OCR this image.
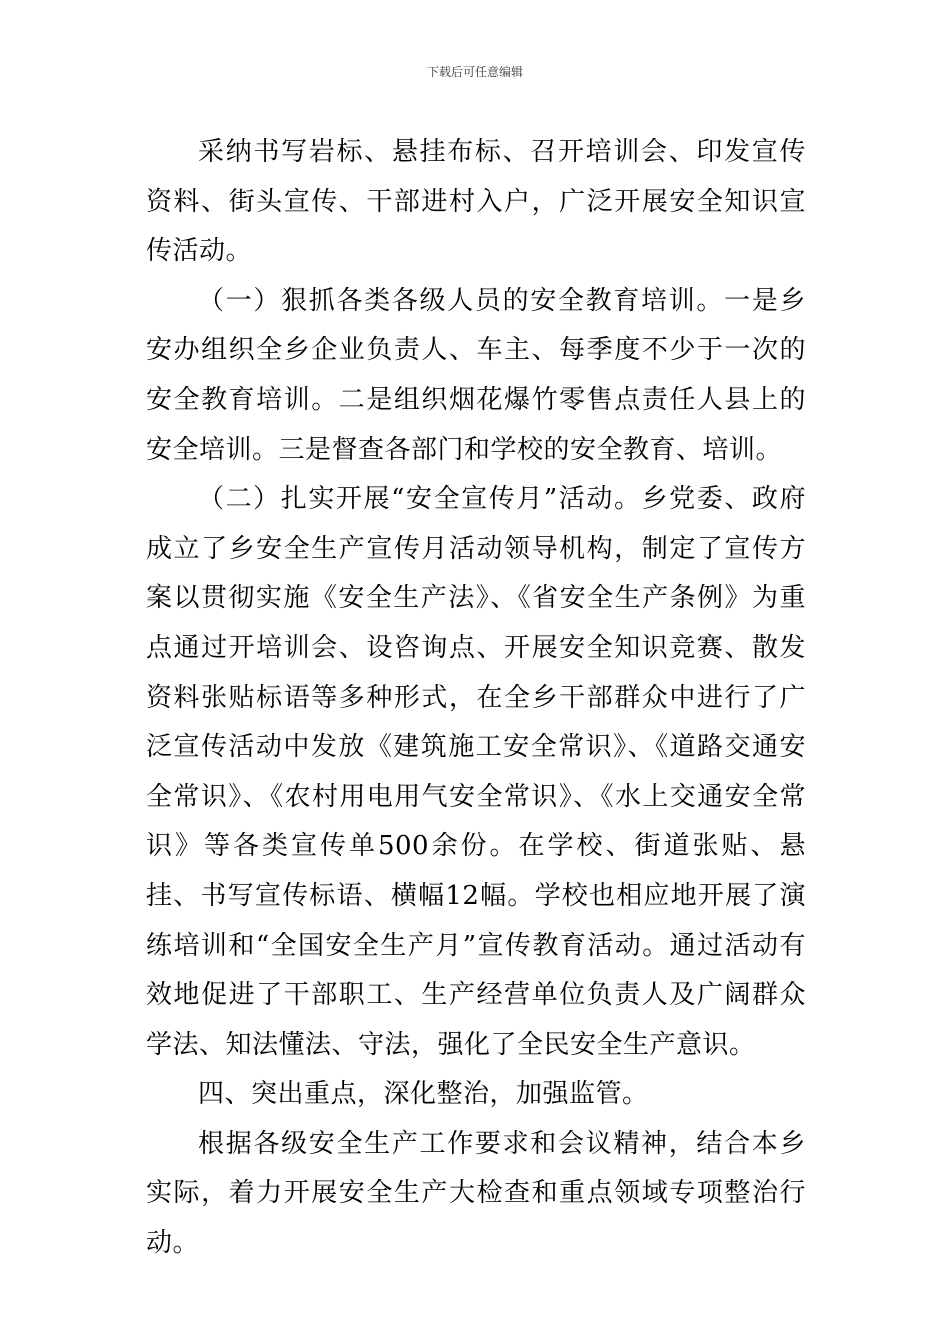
下载后可任意编辑

采纳书写岩标、悬挂布标、召开培训会、印发宣传资料、街头宣传、干部进村入户，广泛开展安全知识宣传活动。

（一）狠抓各类各级人员的安全教育培训。一是乡安办组织全乡企业负责人、车主、每季度不少于一次的安全教育培训。二是组织烟花爆竹零售点责任人县上的安全培训。三是督查各部门和学校的安全教育、培训。

（二）扎实开展“安全宣传月”活动。乡党委、政府成立了乡安全生产宣传月活动领导机构，制定了宣传方案以贯彻实施《安全生产法》、《省安全生产条例》为重点通过开培训会、设咨询点、开展安全知识竞赛、散发资料张贴标语等多种形式，在全乡干部群众中进行了广泛宣传活动中发放《建筑施工安全常识》、《道路交通安全常识》、《农村用电用气安全常识》、《水上交通安全常识》等各类宣传单500余份。在学校、街道张贴、悬挂、书写宣传标语、横幅12幅。学校也相应地开展了演练培训和“全国安全生产月”宣传教育活动。通过活动有效地促进了干部职工、生产经营单位负责人及广阔群众学法、知法懂法、守法，强化了全民安全生产意识。

四、突出重点，深化整治，加强监管。

根据各级安全生产工作要求和会议精神，结合本乡实际，着力开展安全生产大检查和重点领域专项整治行动。
